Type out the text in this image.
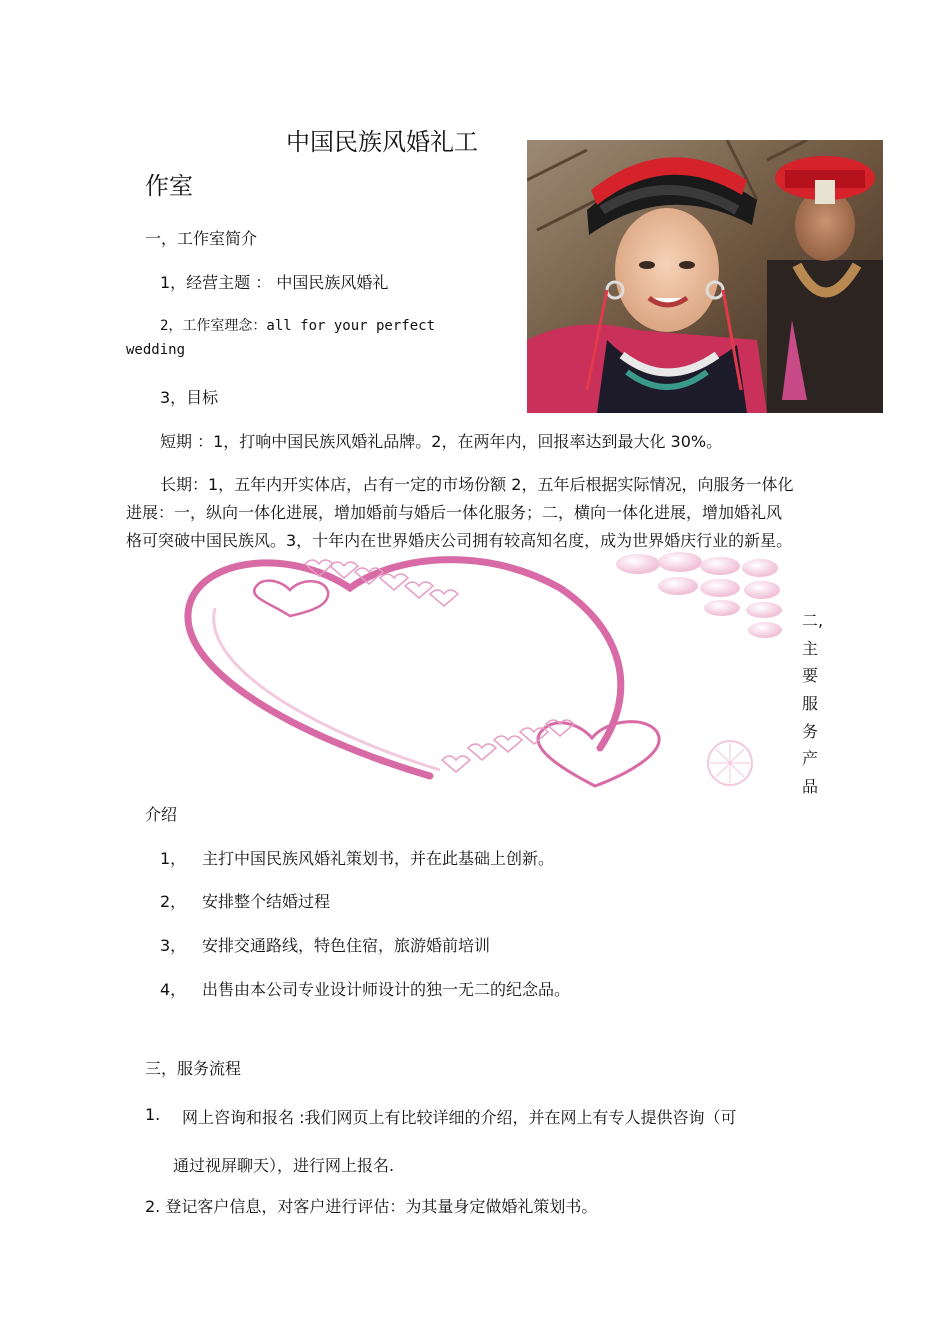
中国民族风婚礼工
作室
一，工作室简介
1，经营主题 ： 中国民族风婚礼
2，工作室理念：all for your perfect
wedding
3，目标
短期 ：1，打响中国民族风婚礼品牌。2，在两年内，回报率达到最大化 30%。
长期：1，五年内开实体店，占有一定的市场份额 2，五年后根据实际情况，向服务一体化
进展：一，纵向一体化进展，增加婚前与婚后一体化服务；二，横向一体化进展，增加婚礼风
格可突破中国民族风。3，十年内在世界婚庆公司拥有较高知名度，成为世界婚庆行业的新星。
二,
主
要
服
务
产
品
介绍
1， 主打中国民族风婚礼策划书，并在此基础上创新。
2， 安排整个结婚过程
3， 安排交通路线，特色住宿，旅游婚前培训
4， 出售由本公司专业设计师设计的独一无二的纪念品。
三，服务流程
1. 网上咨询和报名 :我们网页上有比较详细的介绍，并在网上有专人提供咨询（可
通过视屏聊天），进行网上报名.
2. 登记客户信息，对客户进行评估：为其量身定做婚礼策划书。
